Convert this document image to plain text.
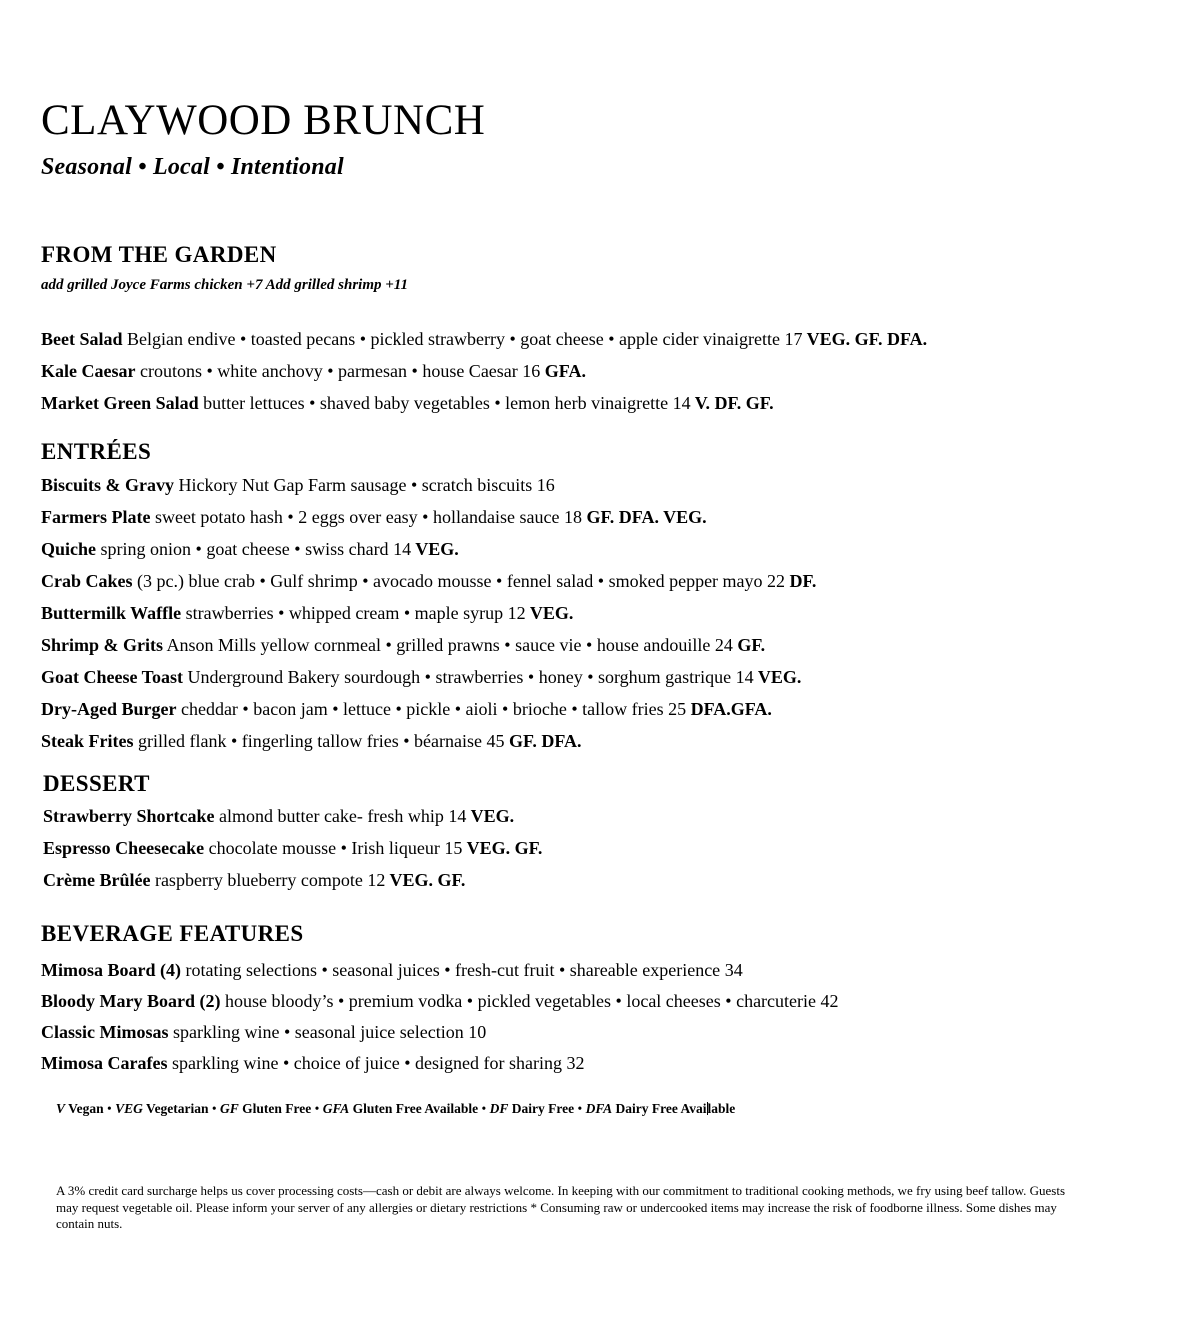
CLAYWOOD BRUNCH
Seasonal • Local • Intentional
FROM THE GARDEN
add grilled Joyce Farms chicken +7 Add grilled shrimp +11
Beet Salad Belgian endive • toasted pecans • pickled strawberry • goat cheese • apple cider vinaigrette 17 VEG. GF. DFA.
Kale Caesar croutons • white anchovy • parmesan • house Caesar 16 GFA.
Market Green Salad butter lettuces • shaved baby vegetables • lemon herb vinaigrette 14 V. DF. GF.
ENTRÉES
Biscuits & Gravy Hickory Nut Gap Farm sausage • scratch biscuits 16
Farmers Plate sweet potato hash • 2 eggs over easy • hollandaise sauce 18 GF. DFA. VEG.
Quiche spring onion • goat cheese • swiss chard 14 VEG.
Crab Cakes (3 pc.) blue crab • Gulf shrimp • avocado mousse • fennel salad • smoked pepper mayo 22 DF.
Buttermilk Waffle strawberries • whipped cream • maple syrup 12 VEG.
Shrimp & Grits Anson Mills yellow cornmeal • grilled prawns • sauce vie • house andouille 24 GF.
Goat Cheese Toast Underground Bakery sourdough • strawberries • honey • sorghum gastrique 14 VEG.
Dry-Aged Burger cheddar • bacon jam • lettuce • pickle • aioli • brioche • tallow fries 25 DFA.GFA.
Steak Frites grilled flank • fingerling tallow fries • béarnaise 45 GF. DFA.
DESSERT
Strawberry Shortcake almond butter cake- fresh whip 14 VEG.
Espresso Cheesecake chocolate mousse • Irish liqueur 15 VEG. GF.
Crème Brûlée raspberry blueberry compote 12 VEG. GF.
BEVERAGE FEATURES
Mimosa Board (4) rotating selections • seasonal juices • fresh-cut fruit • shareable experience 34
Bloody Mary Board (2) house bloody’s • premium vodka • pickled vegetables • local cheeses • charcuterie 42
Classic Mimosas sparkling wine • seasonal juice selection 10
Mimosa Carafes sparkling wine • choice of juice • designed for sharing 32
V Vegan • VEG Vegetarian • GF Gluten Free • GFA Gluten Free Available • DF Dairy Free • DFA Dairy Free Available
A 3% credit card surcharge helps us cover processing costs—cash or debit are always welcome. In keeping with our commitment to traditional cooking methods, we fry using beef tallow. Guests may request vegetable oil. Please inform your server of any allergies or dietary restrictions * Consuming raw or undercooked items may increase the risk of foodborne illness. Some dishes may contain nuts.
